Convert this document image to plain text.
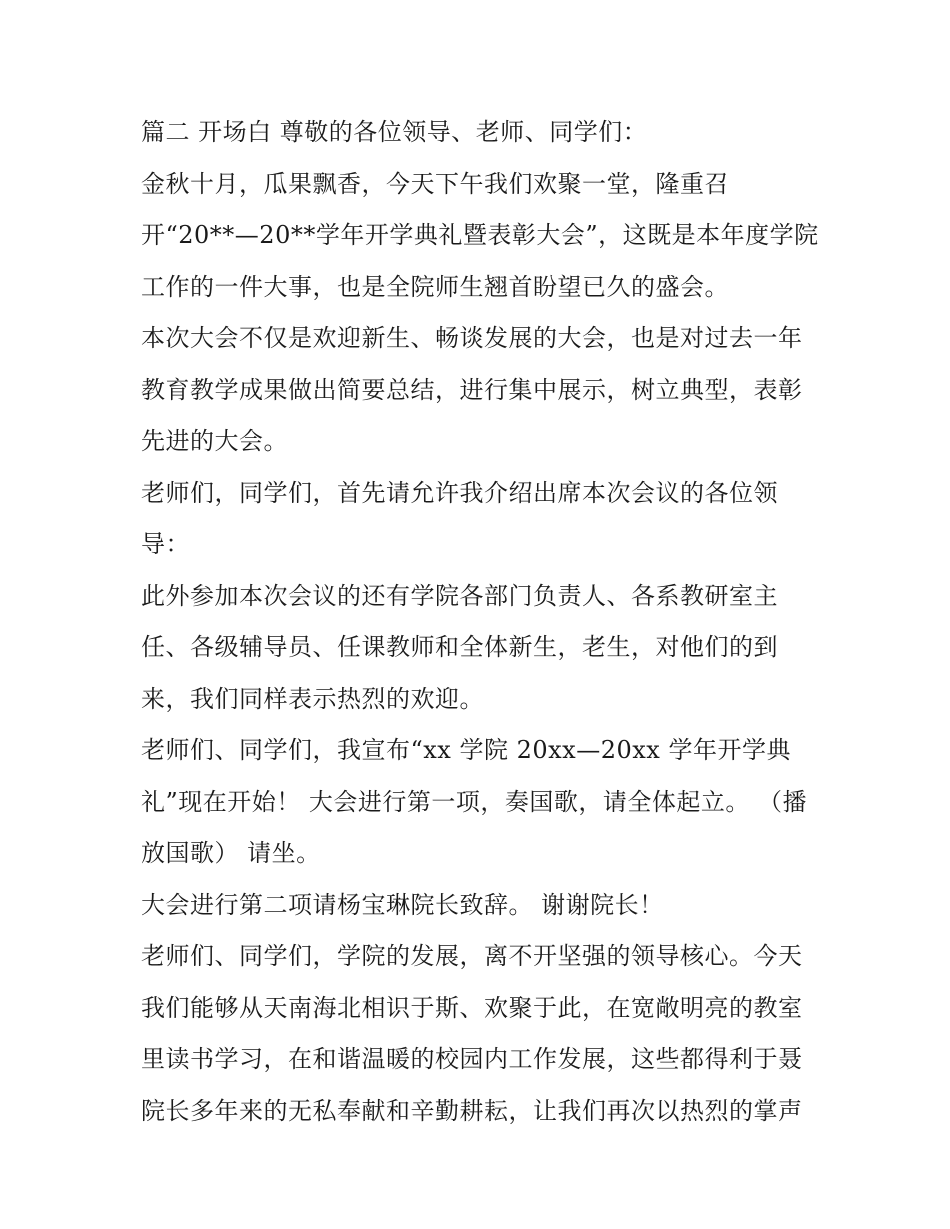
篇二 开场白 尊敬的各位领导、老师、同学们：
金秋十月，瓜果飘香，今天下午我们欢聚一堂，隆重召
开“20**—20**学年开学典礼暨表彰大会”，这既是本年度学院
工作的一件大事，也是全院师生翘首盼望已久的盛会。
本次大会不仅是欢迎新生、畅谈发展的大会，也是对过去一年
教育教学成果做出简要总结，进行集中展示，树立典型，表彰
先进的大会。
老师们，同学们，首先请允许我介绍出席本次会议的各位领
导：
此外参加本次会议的还有学院各部门负责人、各系教研室主
任、各级辅导员、任课教师和全体新生，老生，对他们的到
来，我们同样表示热烈的欢迎。
老师们、同学们，我宣布“xx 学院 20xx—20xx 学年开学典
礼”现在开始！ 大会进行第一项，奏国歌，请全体起立。 （播
放国歌） 请坐。
大会进行第二项请杨宝琳院长致辞。 谢谢院长！
老师们、同学们，学院的发展，离不开坚强的领导核心。今天
我们能够从天南海北相识于斯、欢聚于此，在宽敞明亮的教室
里读书学习，在和谐温暖的校园内工作发展，这些都得利于聂
院长多年来的无私奉献和辛勤耕耘，让我们再次以热烈的掌声
